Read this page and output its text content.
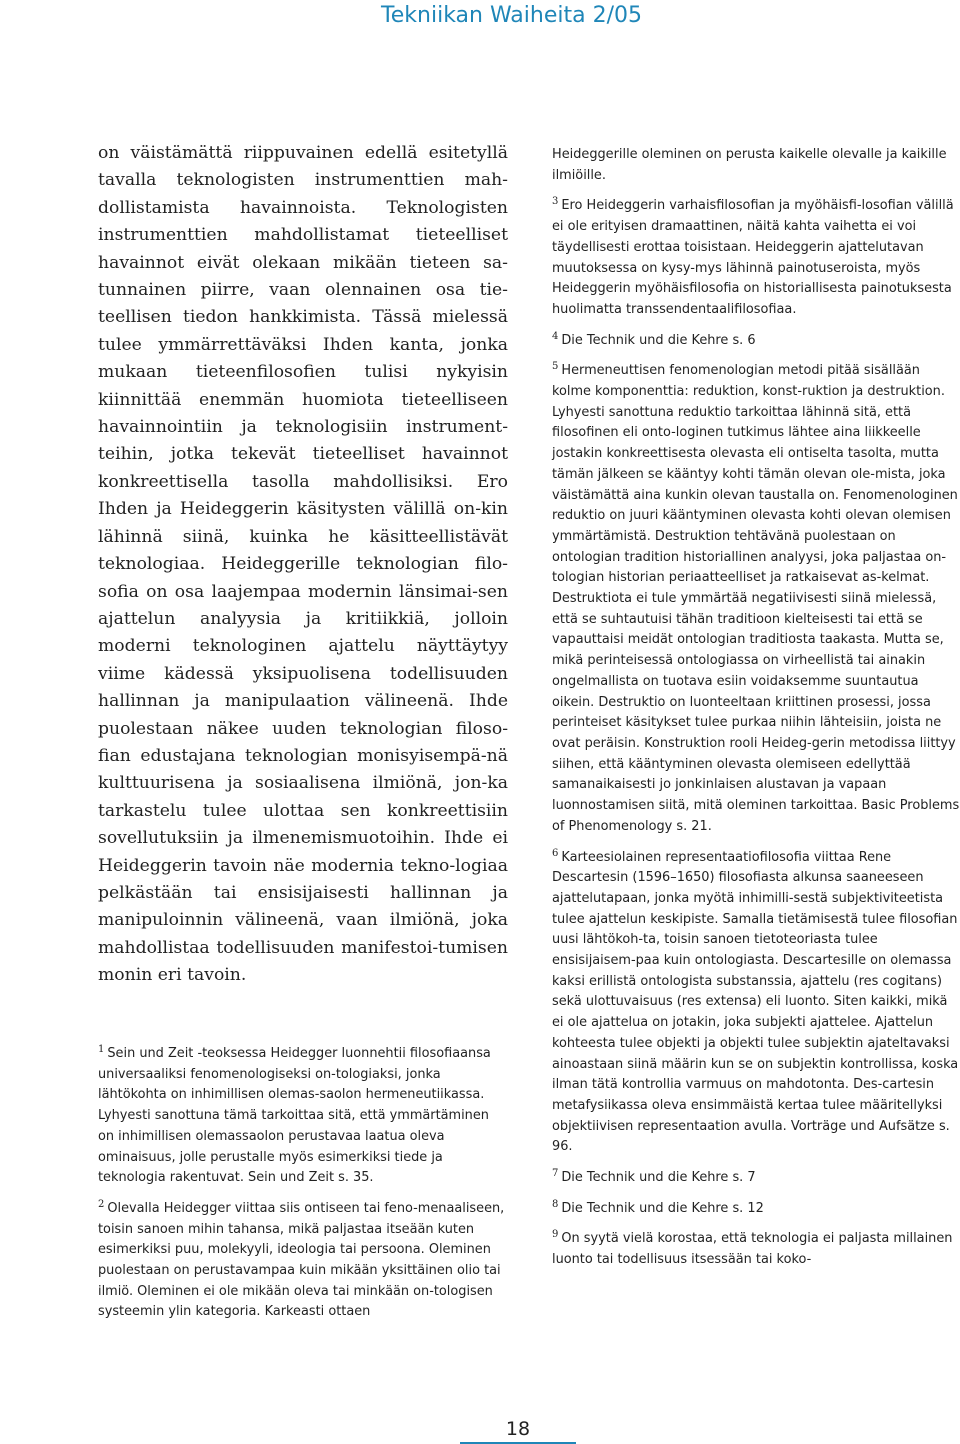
Tekniikan Waiheita 2/05

on väistämättä riippuvainen edellä esitetyllä tavalla teknologisten instrumenttien mah-dollistamista havainnoista. Teknologisten instrumenttien mahdollistamat tieteelliset havainnot eivät olekaan mikään tieteen sa-tunnainen piirre, vaan olennainen osa tie-teellisen tiedon hankkimista. Tässä mielessä tulee ymmärrettäväksi Ihden kanta, jonka mukaan tieteenfilosofien tulisi nykyisin kiinnittää enemmän huomiota tieteelliseen havainnointiin ja teknologisiin instrument-teihin, jotka tekevät tieteelliset havainnot konkreettisella tasolla mahdollisiksi. Ero Ihden ja Heideggerin käsitysten välillä on-kin lähinnä siinä, kuinka he käsitteellistävät teknologiaa. Heideggerille teknologian filo-sofia on osa laajempaa modernin länsimai-sen ajattelun analyysia ja kritiikkiä, jolloin moderni teknologinen ajattelu näyttäytyy viime kädessä yksipuolisena todellisuuden hallinnan ja manipulaation välineenä. Ihde puolestaan näkee uuden teknologian filoso-fian edustajana teknologian monisyisempä-nä kulttuurisena ja sosiaalisena ilmiönä, jon-ka tarkastelu tulee ulottaa sen konkreettisiin sovellutuksiin ja ilmenemismuotoihin. Ihde ei Heideggerin tavoin näe modernia tekno-logiaa pelkästään tai ensisijaisesti hallinnan ja manipuloinnin välineenä, vaan ilmiönä, joka mahdollistaa todellisuuden manifestoi-tumisen monin eri tavoin.

$^1$ Sein und Zeit -teoksessa Heidegger luonnehtii filosofiaansa universaaliksi fenomenologiseksi on-tologiaksi, jonka lähtökohta on inhimillisen olemas-saolon hermeneutiikassa. Lyhyesti sanottuna tämä tarkoittaa sitä, että ymmärtäminen on inhimillisen olemassaolon perustavaa laatua oleva ominaisuus, jolle perustalle myös esimerkiksi tiede ja teknologia rakentuvat. Sein und Zeit s. 35.
$^2$ Olevalla Heidegger viittaa siis ontiseen tai feno-menaaliseen, toisin sanoen mihin tahansa, mikä paljastaa itseään kuten esimerkiksi puu, molekyyli, ideologia tai persoona. Oleminen puolestaan on perustavampaa kuin mikään yksittäinen olio tai ilmiö. Oleminen ei ole mikään oleva tai minkään on-tologisen systeemin ylin kategoria. Karkeasti ottaen
Heideggerille oleminen on perusta kaikelle olevalle ja kaikille ilmiöille.
$^3$ Ero Heideggerin varhaisfilosofian ja myöhäisfi-losofian välillä ei ole erityisen dramaattinen, näitä kahta vaihetta ei voi täydellisesti erottaa toisistaan. Heideggerin ajattelutavan muutoksessa on kysy-mys lähinnä painotuseroista, myös Heideggerin myöhäisfilosofia on historiallisesta painotuksesta huolimatta transsendentaalifilosofiaa.
$^4$ Die Technik und die Kehre s. 6
$^5$ Hermeneuttisen fenomenologian metodi pitää sisällään kolme komponenttia: reduktion, konst-ruktion ja destruktion. Lyhyesti sanottuna reduktio tarkoittaa lähinnä sitä, että filosofinen eli onto-loginen tutkimus lähtee aina liikkeelle jostakin konkreettisesta olevasta eli ontiselta tasolta, mutta tämän jälkeen se kääntyy kohti tämän olevan ole-mista, joka väistämättä aina kunkin olevan taustalla on. Fenomenologinen reduktio on juuri kääntyminen olevasta kohti olevan olemisen ymmärtämistä. Destruktion tehtävänä puolestaan on ontologian tradition historiallinen analyysi, joka paljastaa on-tologian historian periaatteelliset ja ratkaisevat as-kelmat. Destruktiota ei tule ymmärtää negatiivisesti siinä mielessä, että se suhtautuisi tähän traditioon kielteisesti tai että se vapauttaisi meidät ontologian traditiosta taakasta. Mutta se, mikä perinteisessä ontologiassa on virheellistä tai ainakin ongelmallista on tuotava esiin voidaksemme suuntautua oikein. Destruktio on luonteeltaan kriittinen prosessi, jossa perinteiset käsitykset tulee purkaa niihin lähteisiin, joista ne ovat peräisin. Konstruktion rooli Heideg-gerin metodissa liittyy siihen, että kääntyminen olevasta olemiseen edellyttää samanaikaisesti jo jonkinlaisen alustavan ja vapaan luonnostamisen siitä, mitä oleminen tarkoittaa. Basic Problems of Phenomenology s. 21.
$^6$ Karteesiolainen representaatiofilosofia viittaa Rene Descartesin (1596–1650) filosofiasta alkunsa saaneeseen ajattelutapaan, jonka myötä inhimilli-sestä subjektiviteetista tulee ajattelun keskipiste. Samalla tietämisestä tulee filosofian uusi lähtökoh-ta, toisin sanoen tietoteoriasta tulee ensisijaisem-paa kuin ontologiasta. Descartesille on olemassa kaksi erillistä ontologista substanssia, ajattelu (res cogitans) sekä ulottuvaisuus (res extensa) eli luonto. Siten kaikki, mikä ei ole ajattelua on jotakin, joka subjekti ajattelee. Ajattelun kohteesta tulee objekti ja objekti tulee subjektin ajateltavaksi ainoastaan siinä määrin kun se on subjektin kontrollissa, koska ilman tätä kontrollia varmuus on mahdotonta. Des-cartesin metafysiikassa oleva ensimmäistä kertaa tulee määritellyksi objektiivisen representaation avulla. Vorträge und Aufsätze s. 96.
$^7$ Die Technik und die Kehre s. 7
$^8$ Die Technik und die Kehre s. 12
$^9$ On syytä vielä korostaa, että teknologia ei paljasta millainen luonto tai todellisuus itsessään tai koko-
18
